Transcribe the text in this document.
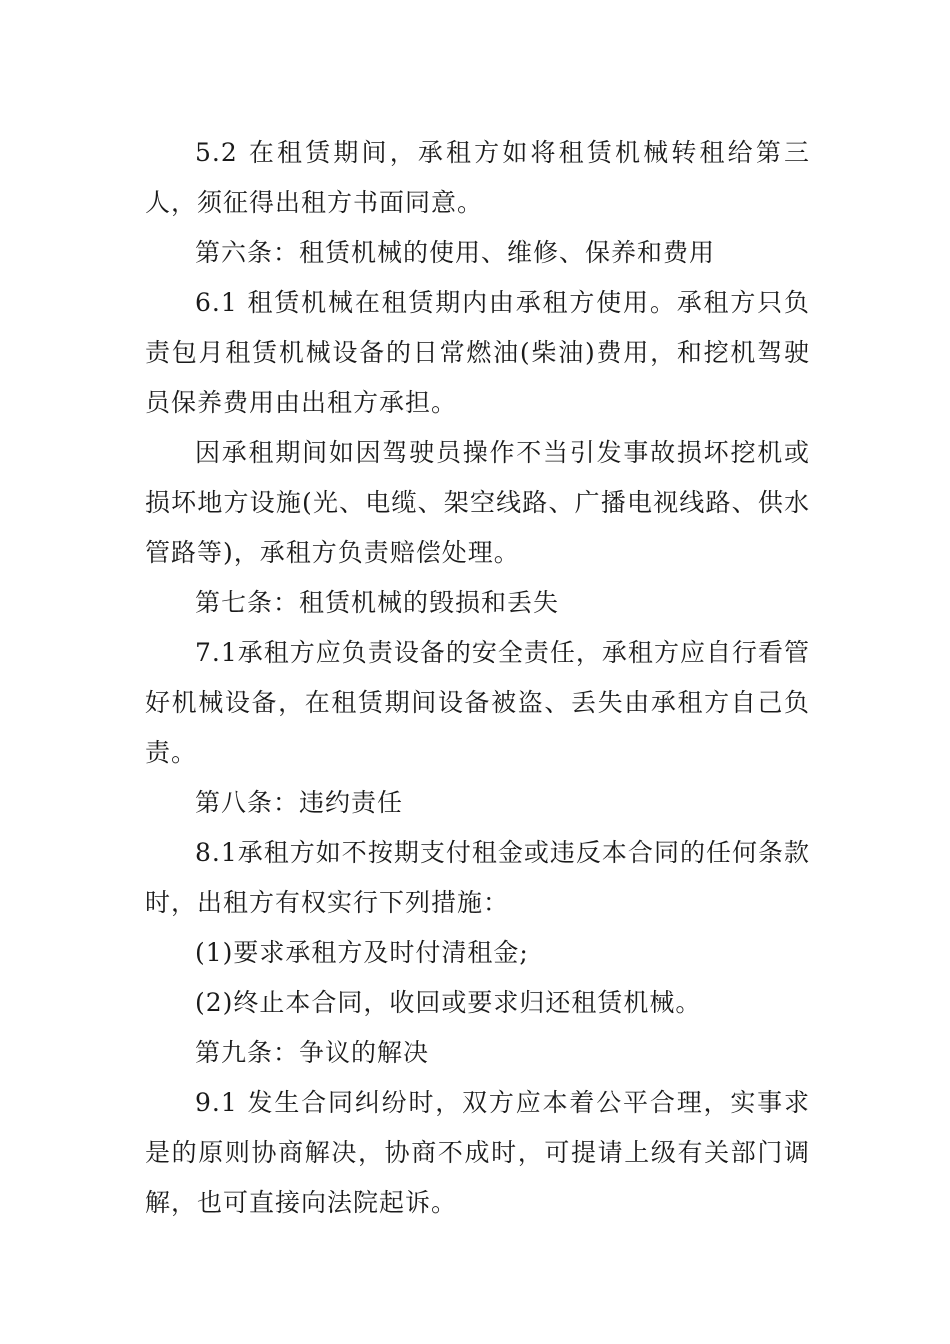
5.2 在租赁期间，承租方如将租赁机械转租给第三人，须征得出租方书面同意。

第六条：租赁机械的使用、维修、保养和费用

6.1 租赁机械在租赁期内由承租方使用。承租方只负责包月租赁机械设备的日常燃油(柴油)费用，和挖机驾驶员保养费用由出租方承担。

因承租期间如因驾驶员操作不当引发事故损坏挖机或损坏地方设施(光、电缆、架空线路、广播电视线路、供水管路等)，承租方负责赔偿处理。

第七条：租赁机械的毁损和丢失

7.1承租方应负责设备的安全责任，承租方应自行看管好机械设备，在租赁期间设备被盗、丢失由承租方自己负责。

第八条：违约责任

8.1承租方如不按期支付租金或违反本合同的任何条款时，出租方有权实行下列措施：

(1)要求承租方及时付清租金;

(2)终止本合同，收回或要求归还租赁机械。

第九条：争议的解决

9.1 发生合同纠纷时，双方应本着公平合理，实事求是的原则协商解决，协商不成时，可提请上级有关部门调解，也可直接向法院起诉。
